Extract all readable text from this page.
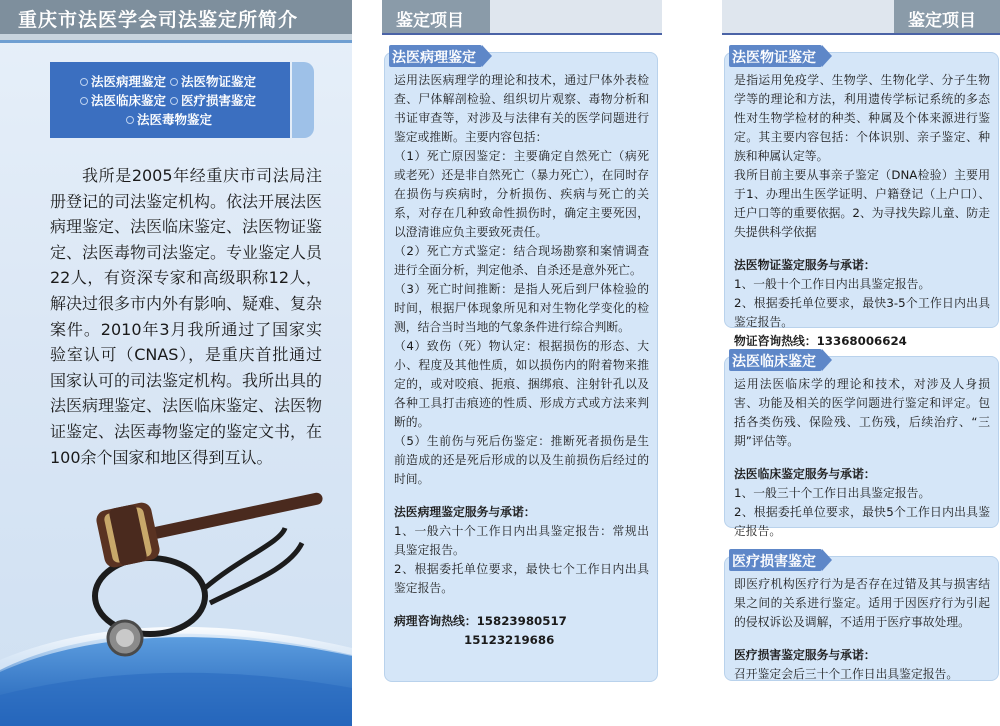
重庆市法医学会司法鉴定所简介
法医病理鉴定	法医物证鉴定
法医临床鉴定	医疗损害鉴定
法医毒物鉴定
我所是2005年经重庆市司法局注册登记的司法鉴定机构。依法开展法医病理鉴定、法医临床鉴定、法医物证鉴定、法医毒物司法鉴定。专业鉴定人员22人，有资深专家和高级职称12人，解决过很多市内外有影响、疑难、复杂案件。2010年3月我所通过了国家实验室认可（CNAS），是重庆首批通过国家认可的司法鉴定机构。我所出具的法医病理鉴定、法医临床鉴定、法医物证鉴定、法医毒物鉴定的鉴定文书，在100余个国家和地区得到互认。
鉴定项目
法医病理鉴定

运用法医病理学的理论和技术，通过尸体外表检查、尸体解剖检验、组织切片观察、毒物分析和书证审查等，对涉及与法律有关的医学问题进行鉴定或推断。主要内容包括：

（1）死亡原因鉴定：主要确定自然死亡（病死或老死）还是非自然死亡（暴力死亡），在同时存在损伤与疾病时，分析损伤、疾病与死亡的关系，对存在几种致命性损伤时，确定主要死因，以澄清谁应负主要致死责任。

（2）死亡方式鉴定：结合现场勘察和案情调查进行全面分析，判定他杀、自杀还是意外死亡。

（3）死亡时间推断：是指人死后到尸体检验的时间，根据尸体现象所见和对生物化学变化的检测，结合当时当地的气象条件进行综合判断。

（4）致伤（死）物认定：根据损伤的形态、大小、程度及其他性质，如以损伤内的附着物来推定的，或对咬痕、扼痕、捆绑痕、注射针孔以及各种工具打击痕迹的性质、形成方式或方法来判断的。

（5）生前伤与死后伤鉴定：推断死者损伤是生前造成的还是死后形成的以及生前损伤后经过的时间。

法医病理鉴定服务与承诺：

1、一般六十个工作日内出具鉴定报告：常规出具鉴定报告。

2、根据委托单位要求，最快七个工作日内出具鉴定报告。

病理咨询热线：15823980517

15123219686

鉴定项目
法医物证鉴定

是指运用免疫学、生物学、生物化学、分子生物学等的理论和方法，利用遗传学标记系统的多态性对生物学检材的种类、种属及个体来源进行鉴定。其主要内容包括：个体识别、亲子鉴定、种族和种属认定等。

我所目前主要从事亲子鉴定（DNA检验）主要用于1、办理出生医学证明、户籍登记（上户口）、迁户口等的重要依据。2、为寻找失踪儿童、防走失提供科学依据

法医物证鉴定服务与承诺：

1、一般十个工作日内出具鉴定报告。

2、根据委托单位要求，最快3-5个工作日内出具鉴定报告。

物证咨询热线：13368006624

法医临床鉴定

运用法医临床学的理论和技术，对涉及人身损害、功能及相关的医学问题进行鉴定和评定。包括各类伤残、保险残、工伤残，后续治疗、“三期”评估等。

法医临床鉴定服务与承诺：

1、一般三十个工作日出具鉴定报告。

2、根据委托单位要求，最快5个工作日内出具鉴定报告。

医疗损害鉴定

即医疗机构医疗行为是否存在过错及其与损害结果之间的关系进行鉴定。适用于因医疗行为引起的侵权诉讼及调解，不适用于医疗事故处理。

医疗损害鉴定服务与承诺：

召开鉴定会后三十个工作日出具鉴定报告。
